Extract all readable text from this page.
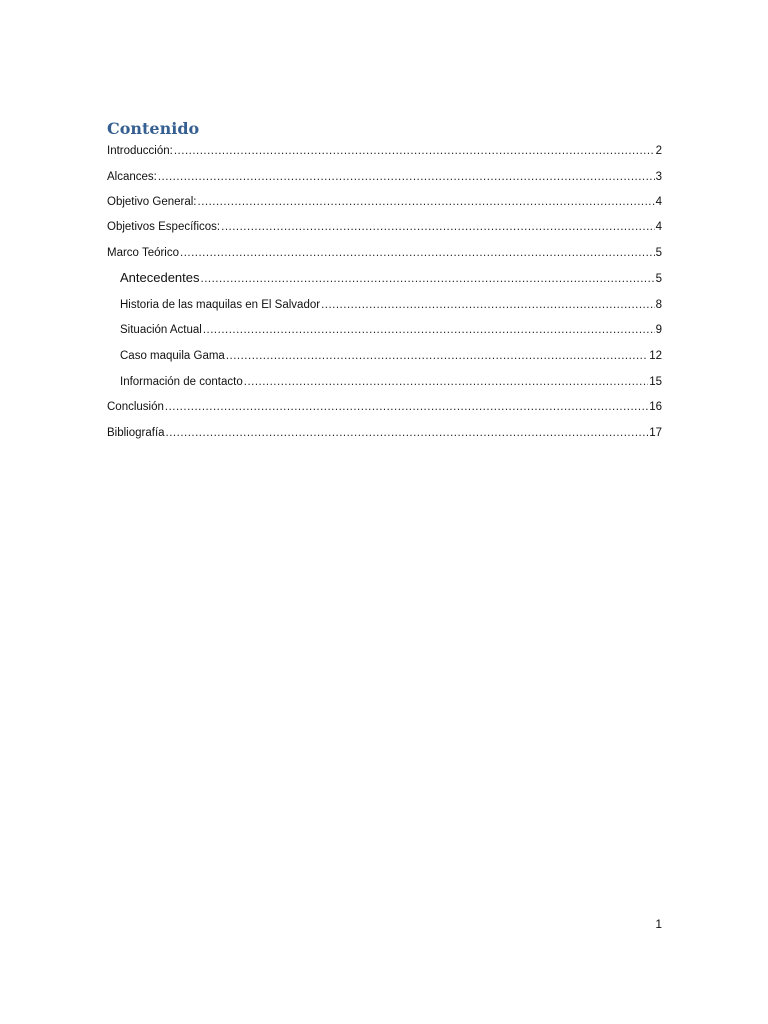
Contenido
Introducción: .....	2
Alcances: .....	3
Objetivo General: .....	4
Objetivos Específicos: .....	4
Marco Teórico .....	5
Antecedentes .....	5
Historia de las maquilas en El Salvador .....	8
Situación Actual .....	9
Caso maquila Gama .....	12
Información de contacto .....	15
Conclusión .....	16
Bibliografía .....	17
1
